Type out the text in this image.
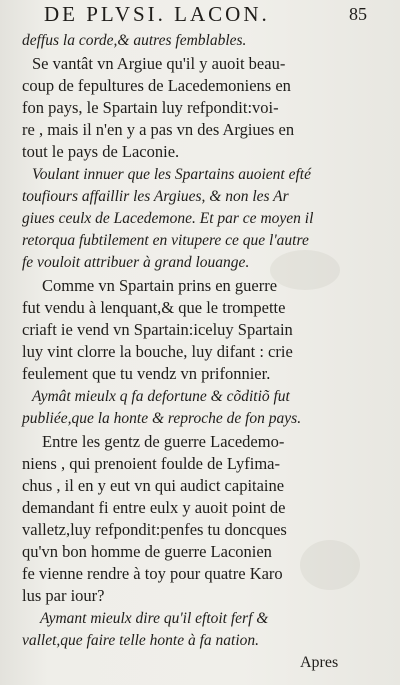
DE PLVSI. LACON.	85
deffus la corde,& autres femblables.
Se vantât vn Argiue qu'il y auoit beau-
coup de fepultures de Lacedemoniens en
fon pays, le Spartain luy refpondit:voi-
re , mais il n'en y a pas vn des Argiues en
tout le pays de Laconie.
Voulant innuer que les Spartains auoient efté
toufiours affaillir les Argiues, & non les Ar
giues ceulx de Lacedemone. Et par ce moyen il
retorqua fubtilement en vitupere ce que l'autre
fe vouloit attribuer à grand louange.
Comme vn Spartain prins en guerre
fut vendu à lenquant,& que le trompette
criaft ie vend vn Spartain:iceluy Spartain
luy vint clorre la bouche, luy difant : crie
feulement que tu vendz vn prifonnier.
Aymât mieulx q fa defortune & cõditiõ fut
publiée,que la honte & reproche de fon pays.
Entre les gentz de guerre Lacedemo-
niens , qui prenoient foulde de Lyfima-
chus , il en y eut vn qui audict capitaine
demandant fi entre eulx y auoit point de
valletz,luy refpondit:penfes tu doncques
qu'vn bon homme de guerre Laconien
fe vienne rendre à toy pour quatre Karo
lus par iour?
Aymant mieulx dire qu'il eftoit ferf &
vallet,que faire telle honte à fa nation.
Apres
